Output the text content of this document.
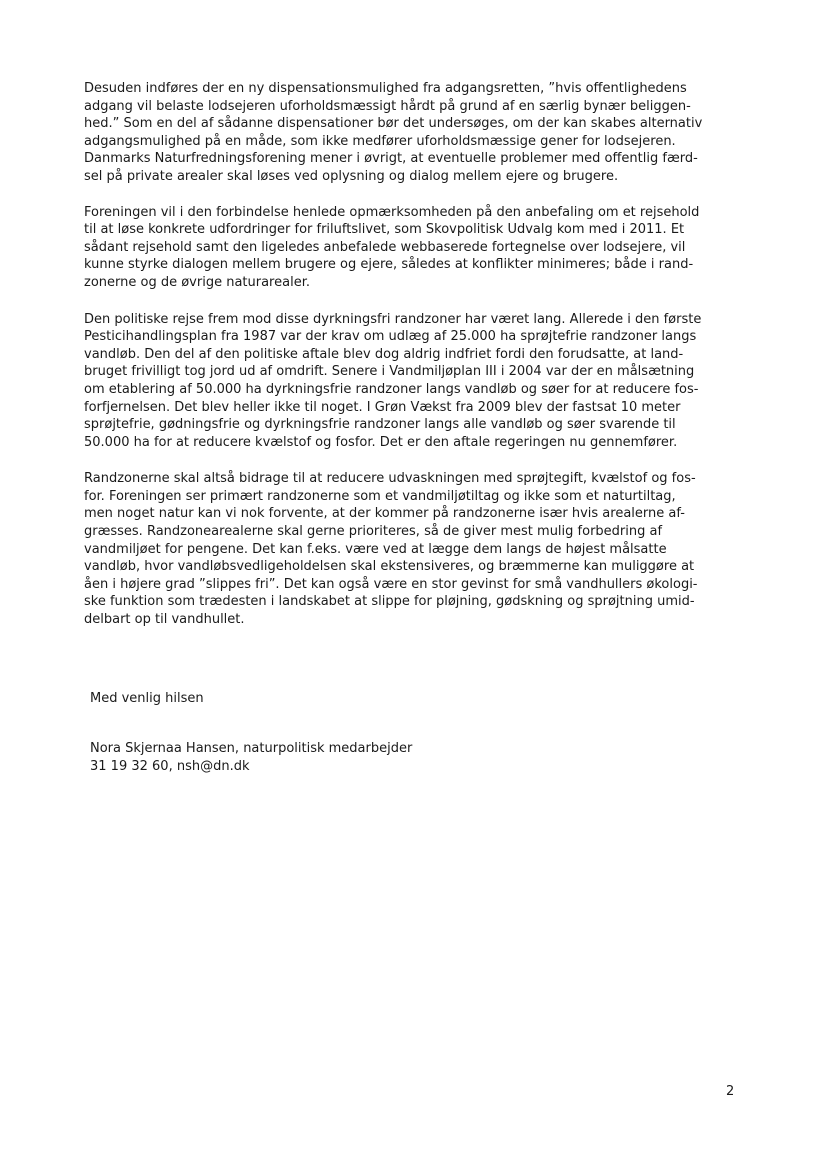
Desuden indføres der en ny dispensationsmulighed fra adgangsretten, ”hvis offentlighedens
adgang vil belaste lodsejeren uforholdsmæssigt hårdt på grund af en særlig bynær beliggen-
hed.” Som en del af sådanne dispensationer bør det undersøges, om der kan skabes alternativ
adgangsmulighed på en måde, som ikke medfører uforholdsmæssige gener for lodsejeren.
Danmarks Naturfredningsforening mener i øvrigt, at eventuelle problemer med offentlig færd-
sel på private arealer skal løses ved oplysning og dialog mellem ejere og brugere.

Foreningen vil i den forbindelse henlede opmærksomheden på den anbefaling om et rejsehold
til at løse konkrete udfordringer for friluftslivet, som Skovpolitisk Udvalg kom med i 2011. Et
sådant rejsehold samt den ligeledes anbefalede webbaserede fortegnelse over lodsejere, vil
kunne styrke dialogen mellem brugere og ejere, således at konflikter minimeres; både i rand-
zonerne og de øvrige naturarealer.

Den politiske rejse frem mod disse dyrkningsfri randzoner har været lang. Allerede i den første
Pesticihandlingsplan fra 1987 var der krav om udlæg af 25.000 ha sprøjtefrie randzoner langs
vandløb. Den del af den politiske aftale blev dog aldrig indfriet fordi den forudsatte, at land-
bruget frivilligt tog jord ud af omdrift. Senere i Vandmiljøplan III i 2004 var der en målsætning
om etablering af 50.000 ha dyrkningsfrie randzoner langs vandløb og søer for at reducere fos-
forfjernelsen. Det blev heller ikke til noget. I Grøn Vækst fra 2009 blev der fastsat 10 meter
sprøjtefrie, gødningsfrie og dyrkningsfrie randzoner langs alle vandløb og søer svarende til
50.000 ha for at reducere kvælstof og fosfor. Det er den aftale regeringen nu gennemfører.

Randzonerne skal altså bidrage til at reducere udvaskningen med sprøjtegift, kvælstof og fos-
for. Foreningen ser primært randzonerne som et vandmiljøtiltag og ikke som et naturtiltag,
men noget natur kan vi nok forvente, at der kommer på randzonerne især hvis arealerne af-
græsses. Randzonearealerne skal gerne prioriteres, så de giver mest mulig forbedring af
vandmiljøet for pengene. Det kan f.eks. være ved at lægge dem langs de højest målsatte
vandløb, hvor vandløbsvedligeholdelsen skal ekstensiveres, og bræmmerne kan muliggøre at
åen i højere grad ”slippes fri”. Det kan også være en stor gevinst for små vandhullers økologi-
ske funktion som trædesten i landskabet at slippe for pløjning, gødskning og sprøjtning umid-
delbart op til vandhullet.

Med venlig hilsen

Nora Skjernaa Hansen, naturpolitisk medarbejder
31 19 32 60, nsh@dn.dk
2
